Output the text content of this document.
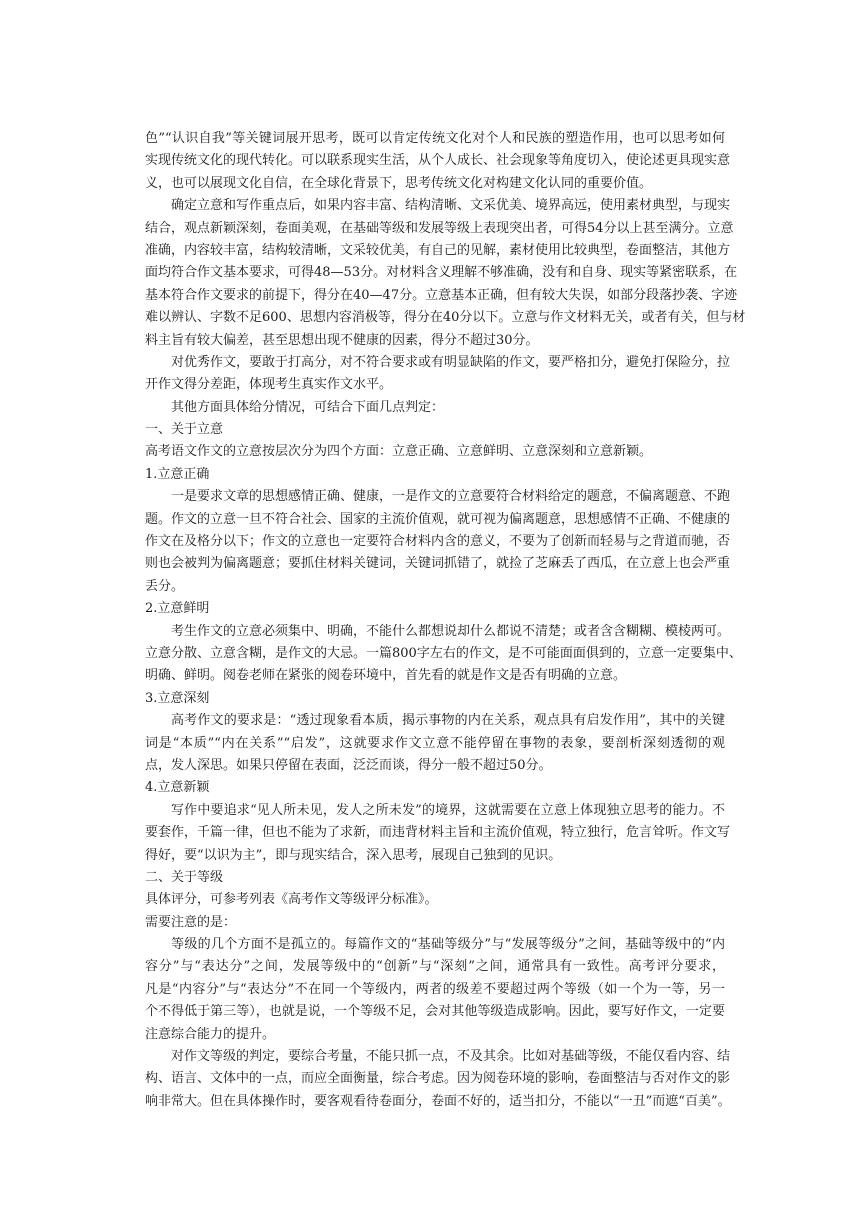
色”“认识自我”等关键词展开思考，既可以肯定传统文化对个人和民族的塑造作用，也可以思考如何
实现传统文化的现代转化。可以联系现实生活，从个人成长、社会现象等角度切入，使论述更具现实意
义，也可以展现文化自信，在全球化背景下，思考传统文化对构建文化认同的重要价值。
确定立意和写作重点后，如果内容丰富、结构清晰、文采优美、境界高远，使用素材典型，与现实
结合，观点新颖深刻，卷面美观，在基础等级和发展等级上表现突出者，可得54分以上甚至满分。立意
准确，内容较丰富，结构较清晰，文采较优美，有自己的见解，素材使用比较典型，卷面整洁，其他方
面均符合作文基本要求，可得48—53分。对材料含义理解不够准确，没有和自身、现实等紧密联系，在
基本符合作文要求的前提下，得分在40—47分。立意基本正确，但有较大失误，如部分段落抄袭、字迹
难以辨认、字数不足600、思想内容消极等，得分在40分以下。立意与作文材料无关，或者有关，但与材
料主旨有较大偏差，甚至思想出现不健康的因素，得分不超过30分。
对优秀作文，要敢于打高分，对不符合要求或有明显缺陷的作文，要严格扣分，避免打保险分，拉
开作文得分差距，体现考生真实作文水平。
其他方面具体给分情况，可结合下面几点判定：
一、关于立意
高考语文作文的立意按层次分为四个方面：立意正确、立意鲜明、立意深刻和立意新颖。
1.立意正确
一是要求文章的思想感情正确、健康，一是作文的立意要符合材料给定的题意，不偏离题意、不跑
题。作文的立意一旦不符合社会、国家的主流价值观，就可视为偏离题意，思想感情不正确、不健康的
作文在及格分以下；作文的立意也一定要符合材料内含的意义，不要为了创新而轻易与之背道而驰，否
则也会被判为偏离题意；要抓住材料关键词，关键词抓错了，就捡了芝麻丢了西瓜，在立意上也会严重
丢分。
2.立意鲜明
考生作文的立意必须集中、明确，不能什么都想说却什么都说不清楚；或者含含糊糊、模棱两可。
立意分散、立意含糊，是作文的大忌。一篇800字左右的作文，是不可能面面俱到的，立意一定要集中、
明确、鲜明。阅卷老师在紧张的阅卷环境中，首先看的就是作文是否有明确的立意。
3.立意深刻
高考作文的要求是：“透过现象看本质，揭示事物的内在关系，观点具有启发作用”，其中的关键
词是“本质”“内在关系”“启发”，这就要求作文立意不能停留在事物的表象，要剖析深刻透彻的观
点，发人深思。如果只停留在表面，泛泛而谈，得分一般不超过50分。
4.立意新颖
写作中要追求“见人所未见，发人之所未发”的境界，这就需要在立意上体现独立思考的能力。不
要套作，千篇一律，但也不能为了求新，而违背材料主旨和主流价值观，特立独行，危言耸听。作文写
得好，要“以识为主”，即与现实结合，深入思考，展现自己独到的见识。
二、关于等级
具体评分，可参考列表《高考作文等级评分标准》。
需要注意的是：
等级的几个方面不是孤立的。每篇作文的“基础等级分”与“发展等级分”之间，基础等级中的“内
容分”与“表达分”之间，发展等级中的“创新”与“深刻”之间，通常具有一致性。高考评分要求，
凡是“内容分”与“表达分”不在同一个等级内，两者的级差不要超过两个等级（如一个为一等，另一
个不得低于第三等），也就是说，一个等级不足，会对其他等级造成影响。因此，要写好作文，一定要
注意综合能力的提升。
对作文等级的判定，要综合考量，不能只抓一点，不及其余。比如对基础等级，不能仅看内容、结
构、语言、文体中的一点，而应全面衡量，综合考虑。因为阅卷环境的影响，卷面整洁与否对作文的影
响非常大。但在具体操作时，要客观看待卷面分，卷面不好的，适当扣分，不能以“一丑”而遮“百美”。
